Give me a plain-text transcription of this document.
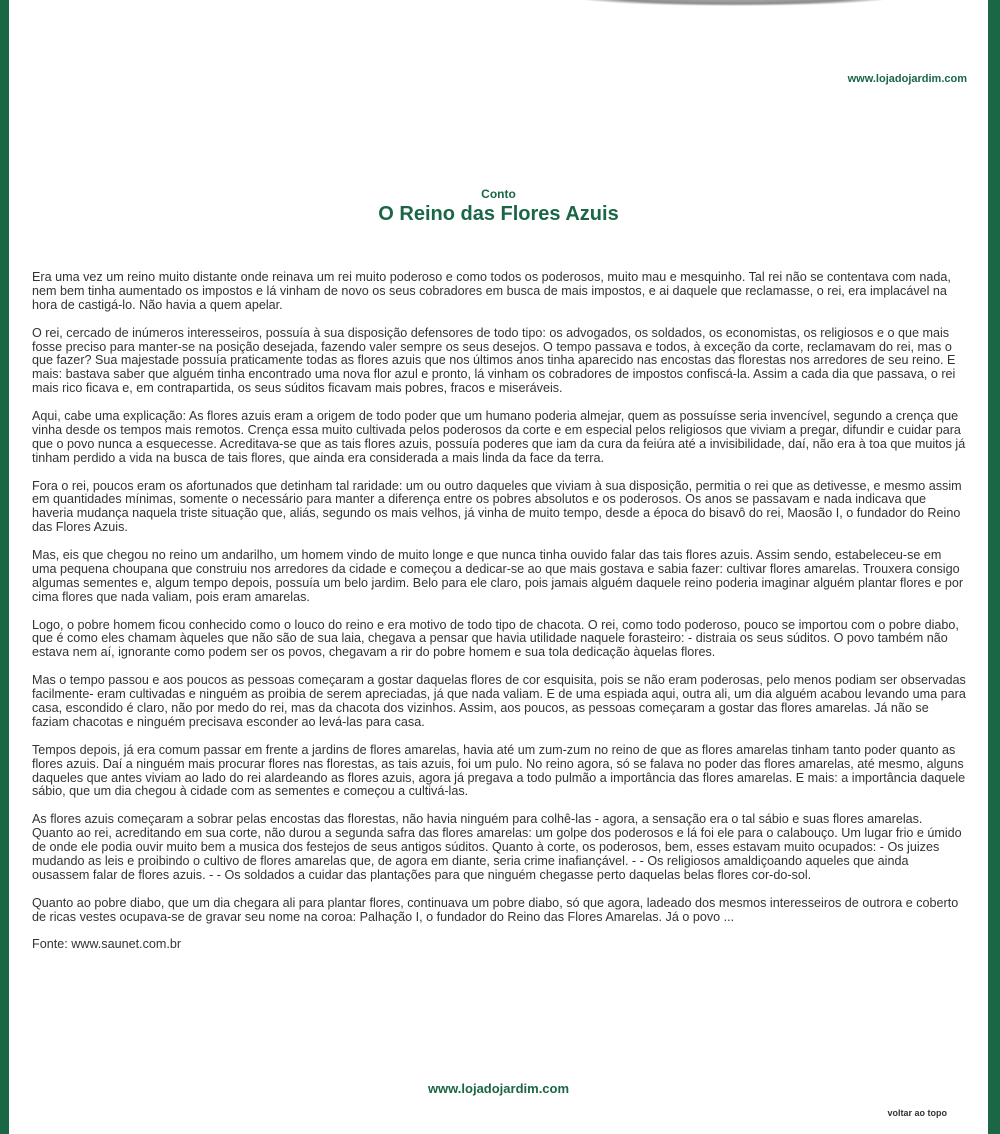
www.lojadojardim.com
Conto
O Reino das Flores Azuis

Era uma vez um reino muito distante onde reinava um rei muito poderoso e como todos os poderosos, muito mau e mesquinho. Tal rei não se contentava com nada, nem bem tinha aumentado os impostos e lá vinham de novo os seus cobradores em busca de mais impostos, e ai daquele que reclamasse, o rei, era implacável na hora de castigá-lo. Não havia a quem apelar.

O rei, cercado de inúmeros interesseiros, possuía à sua disposição defensores de todo tipo: os advogados, os soldados, os economistas, os religiosos e o que mais fosse preciso para manter-se na posição desejada, fazendo valer sempre os seus desejos. O tempo passava e todos, à exceção da corte, reclamavam do rei, mas o que fazer? Sua majestade possuía praticamente todas as flores azuis que nos últimos anos tinha aparecido nas encostas das florestas nos arredores de seu reino. E mais: bastava saber que alguém tinha encontrado uma nova flor azul e pronto, lá vinham os cobradores de impostos confiscá-la. Assim a cada dia que passava, o rei mais rico ficava e, em contrapartida, os seus súditos ficavam mais pobres, fracos e miseráveis.

Aqui, cabe uma explicação: As flores azuis eram a origem de todo poder que um humano poderia almejar, quem as possuísse seria invencível, segundo a crença que vinha desde os tempos mais remotos. Crença essa muito cultivada pelos poderosos da corte e em especial pelos religiosos que viviam a pregar, difundir e cuidar para que o povo nunca a esquecesse. Acreditava-se que as tais flores azuis, possuía poderes que iam da cura da feiúra até a invisibilidade, daí, não era à toa que muitos já tinham perdido a vida na busca de tais flores, que ainda era considerada a mais linda da face da terra.

Fora o rei, poucos eram os afortunados que detinham tal raridade: um ou outro daqueles que viviam à sua disposição, permitia o rei que as detivesse, e mesmo assim em quantidades mínimas, somente o necessário para manter a diferença entre os pobres absolutos e os poderosos. Os anos se passavam e nada indicava que haveria mudança naquela triste situação que, aliás, segundo os mais velhos, já vinha de muito tempo, desde a época do bisavô do rei, Maosão I, o fundador do Reino das Flores Azuis.

Mas, eis que chegou no reino um andarilho, um homem vindo de muito longe e que nunca tinha ouvido falar das tais flores azuis. Assim sendo, estabeleceu-se em uma pequena choupana que construiu nos arredores da cidade e começou a dedicar-se ao que mais gostava e sabia fazer: cultivar flores amarelas. Trouxera consigo algumas sementes e, algum tempo depois, possuía um belo jardim. Belo para ele claro, pois jamais alguém daquele reino poderia imaginar alguém plantar flores e por cima flores que nada valiam, pois eram amarelas.

Logo, o pobre homem ficou conhecido como o louco do reino e era motivo de todo tipo de chacota. O rei, como todo poderoso, pouco se importou com o pobre diabo, que é como eles chamam àqueles que não são de sua laia, chegava a pensar que havia utilidade naquele forasteiro: - distraia os seus súditos. O povo também não estava nem aí, ignorante como podem ser os povos, chegavam a rir do pobre homem e sua tola dedicação àquelas flores.

Mas o tempo passou e aos poucos as pessoas começaram a gostar daquelas flores de cor esquisita, pois se não eram poderosas, pelo menos podiam ser observadas facilmente- eram cultivadas e ninguém as proibia de serem apreciadas, já que nada valiam. E de uma espiada aqui, outra ali, um dia alguém acabou levando uma para casa, escondido é claro, não por medo do rei, mas da chacota dos vizinhos. Assim, aos poucos, as pessoas começaram a gostar das flores amarelas. Já não se faziam chacotas e ninguém precisava esconder ao levá-las para casa.

Tempos depois, já era comum passar em frente a jardins de flores amarelas, havia até um zum-zum no reino de que as flores amarelas tinham tanto poder quanto as flores azuis. Daí a ninguém mais procurar flores nas florestas, as tais azuis, foi um pulo. No reino agora, só se falava no poder das flores amarelas, até mesmo, alguns daqueles que antes viviam ao lado do rei alardeando as flores azuis, agora já pregava a todo pulmão a importância das flores amarelas. E mais: a importância daquele sábio, que um dia chegou à cidade com as sementes e começou a cultivá-las.

As flores azuis começaram a sobrar pelas encostas das florestas, não havia ninguém para colhê-las - agora, a sensação era o tal sábio e suas flores amarelas. Quanto ao rei, acreditando em sua corte, não durou a segunda safra das flores amarelas: um golpe dos poderosos e lá foi ele para o calabouço. Um lugar frio e úmido de onde ele podia ouvir muito bem a musica dos festejos de seus antigos súditos. Quanto à corte, os poderosos, bem, esses estavam muito ocupados: - Os juizes mudando as leis e proibindo o cultivo de flores amarelas que, de agora em diante, seria crime inafiançável. - - Os religiosos amaldiçoando aqueles que ainda ousassem falar de flores azuis. - - Os soldados a cuidar das plantações para que ninguém chegasse perto daquelas belas flores cor-do-sol.

Quanto ao pobre diabo, que um dia chegara ali para plantar flores, continuava um pobre diabo, só que agora, ladeado dos mesmos interesseiros de outrora e coberto de ricas vestes ocupava-se de gravar seu nome na coroa: Palhação I, o fundador do Reino das Flores Amarelas. Já o povo ...

Fonte: www.saunet.com.br

www.lojadojardim.com
voltar ao topo
